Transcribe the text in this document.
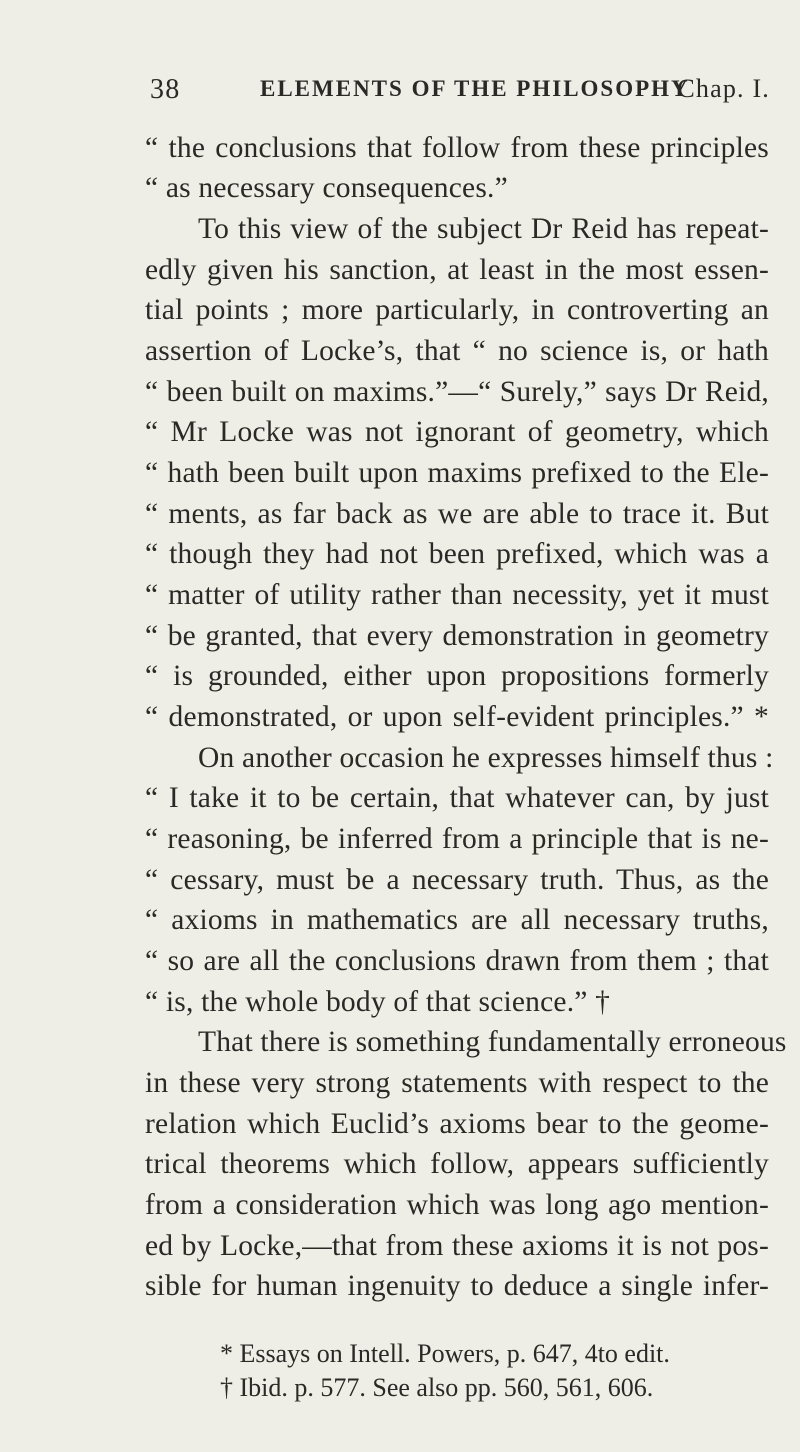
38	ELEMENTS OF THE PHILOSOPHY
Chap. I.
“ the conclusions that follow from these principles
“ as necessary consequences.”
To this view of the subject Dr Reid has repeat-
edly given his sanction, at least in the most essen-
tial points ; more particularly, in controverting an
assertion of Locke’s, that “ no science is, or hath
“ been built on maxims.”—“ Surely,” says Dr Reid,
“ Mr Locke was not ignorant of geometry, which
“ hath been built upon maxims prefixed to the Ele-
“ ments, as far back as we are able to trace it. But
“ though they had not been prefixed, which was a
“ matter of utility rather than necessity, yet it must
“ be granted, that every demonstration in geometry
“ is grounded, either upon propositions formerly
“ demonstrated, or upon self-evident principles.” *
On another occasion he expresses himself thus :
“ I take it to be certain, that whatever can, by just
“ reasoning, be inferred from a principle that is ne-
“ cessary, must be a necessary truth. Thus, as the
“ axioms in mathematics are all necessary truths,
“ so are all the conclusions drawn from them ; that
“ is, the whole body of that science.” †
That there is something fundamentally erroneous
in these very strong statements with respect to the
relation which Euclid’s axioms bear to the geome-
trical theorems which follow, appears sufficiently
from a consideration which was long ago mention-
ed by Locke,—that from these axioms it is not pos-
sible for human ingenuity to deduce a single infer-
* Essays on Intell. Powers, p. 647, 4to edit.
† Ibid. p. 577. See also pp. 560, 561, 606.
